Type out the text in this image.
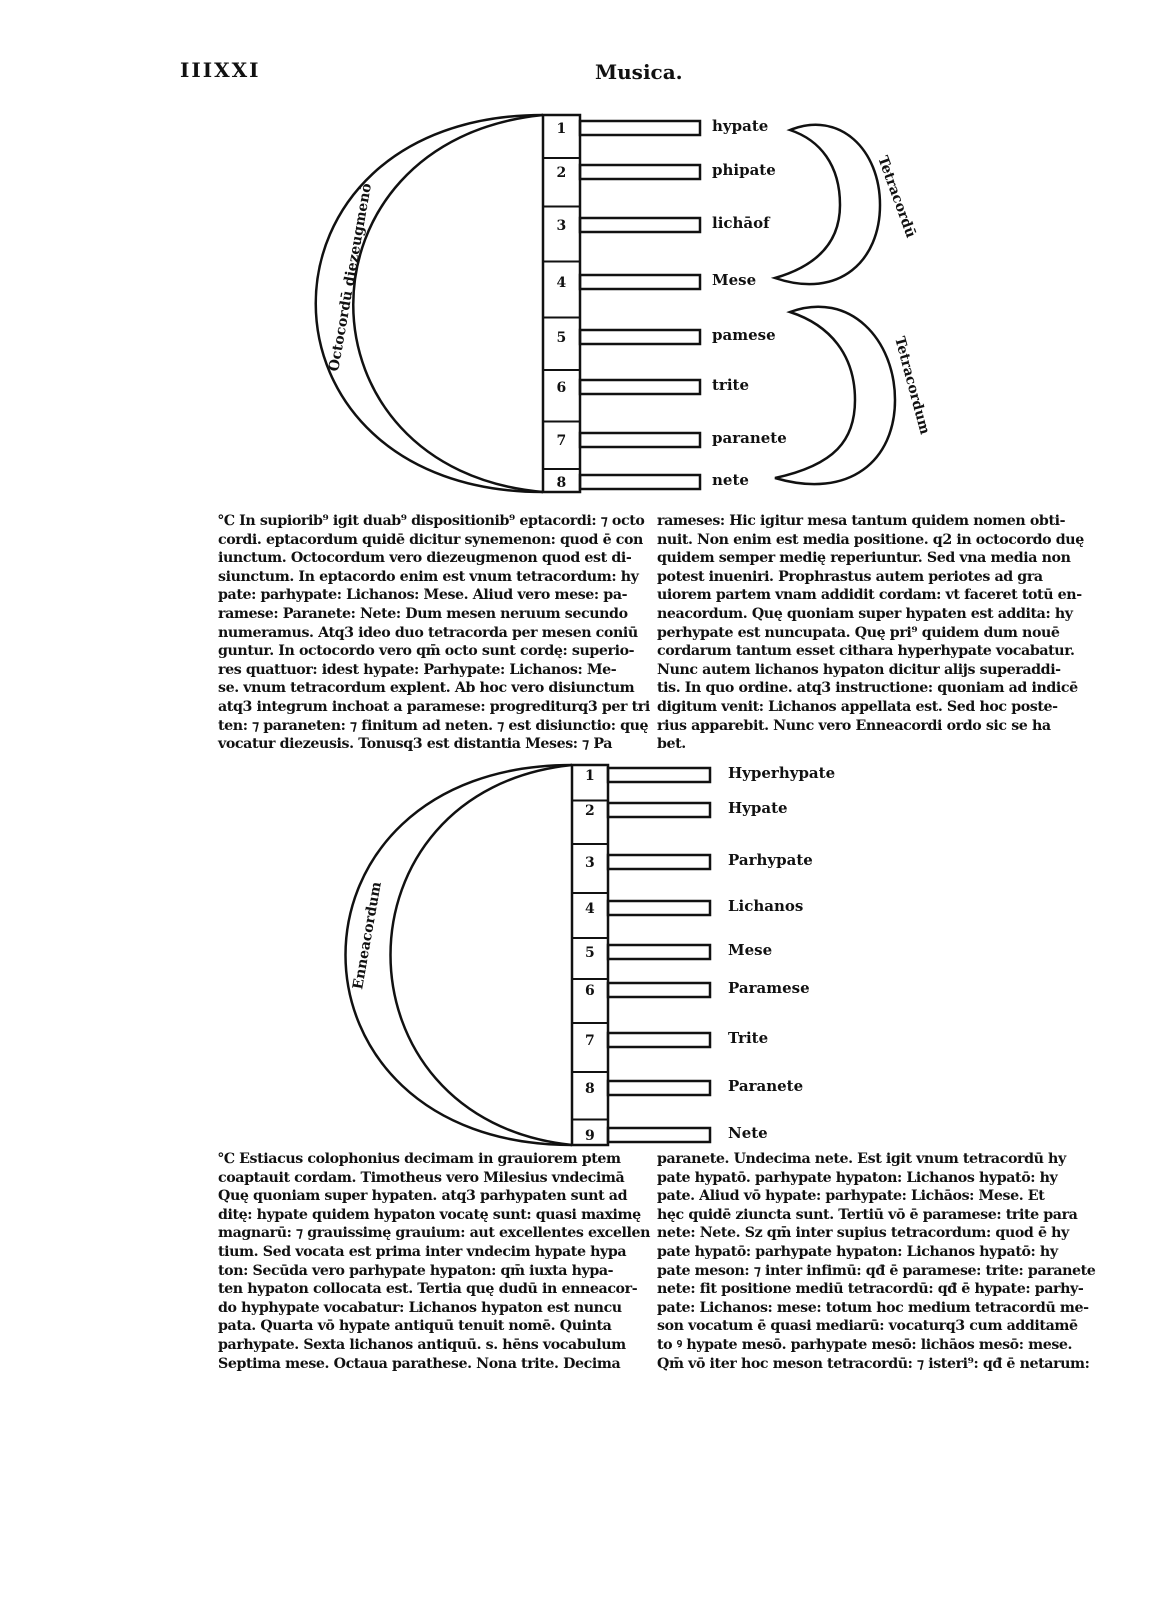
IIIXXI	Musica.
1
2
3
4
5
6
7
8
Octocordū diezeugmenō	Tetracordū
Tetracordum
1
2
3
4
5
6
7
8
9
Enneacordum
hypate
phipate
lichāof
Mese
pamese
trite
paranete
nete
Hyperhypate
Hypate
Parhypate
Lichanos
Mese
Paramese
Trite
Paranete
Nete
℃ In supiorib⁹ igit duab⁹ dispositionib⁹ eptacordi: ⁊ octo
cordi. eptacordum quidē dicitur synemenon: quod ē con
iunctum. Octocordum vero diezeugmenon quod est di-
siunctum. In eptacordo enim est vnum tetracordum: hy
pate: parhypate: Lichanos: Mese. Aliud vero mese: pa-
ramese: Paranete: Nete: Dum mesen neruum secundo
numeramus. Atq3 ideo duo tetracorda per mesen coniū
guntur. In octocordo vero qm̄ octo sunt cordę: superio-
res quattuor: idest hypate: Parhypate: Lichanos: Me-
se. vnum tetracordum explent. Ab hoc vero disiunctum
atq3 integrum inchoat a paramese: progrediturq3 per tri
ten: ⁊ paraneten: ⁊ finitum ad neten. ⁊ est disiunctio: quę
vocatur diezeusis. Tonusq3 est distantia Meses: ⁊ Pa
rameses: Hic igitur mesa tantum quidem nomen obti-
nuit. Non enim est media positione. q2 in octocordo duę
quidem semper medię reperiuntur. Sed vna media non
potest inueniri. Prophrastus autem periotes ad gra
uiorem partem vnam addidit cordam: vt faceret totū en-
neacordum. Quę quoniam super hypaten est addita: hy
perhypate est nuncupata. Quę pri⁹ quidem dum nouē
cordarum tantum esset cithara hyperhypate vocabatur.
Nunc autem lichanos hypaton dicitur alijs superaddi-
tis. In quo ordine. atq3 instructione: quoniam ad indicē
digitum venit: Lichanos appellata est. Sed hoc poste-
rius apparebit. Nunc vero Enneacordi ordo sic se ha
bet.
℃ Estiacus colophonius decimam in grauiorem ptem
coaptauit cordam. Timotheus vero Milesius vndecimā
Quę quoniam super hypaten. atq3 parhypaten sunt ad
ditę: hypate quidem hypaton vocatę sunt: quasi maximę
magnarū: ⁊ grauissimę grauium: aut excellentes excellen
tium. Sed vocata est prima inter vndecim hypate hypa
ton: Secūda vero parhypate hypaton: qm̄ iuxta hypa-
ten hypaton collocata est. Tertia quę dudū in enneacor-
do hyphypate vocabatur: Lichanos hypaton est nuncu
pata. Quarta vō hypate antiquū tenuit nomē. Quinta
parhypate. Sexta lichanos antiquū. s. hēns vocabulum
Septima mese. Octaua parathese. Nona trite. Decima
paranete. Undecima nete. Est igit vnum tetracordū hy
pate hypatō. parhypate hypaton: Lichanos hypatō: hy
pate. Aliud vō hypate: parhypate: Lichāos: Mese. Et
hęc quidē ziuncta sunt. Tertiū vō ē paramese: trite para
nete: Nete. Sz qm̄ inter supius tetracordum: quod ē hy
pate hypatō: parhypate hypaton: Lichanos hypatō: hy
pate meson: ⁊ inter infimū: qđ ē paramese: trite: paranete
nete: fit positione mediū tetracordū: qđ ē hypate: parhy-
pate: Lichanos: mese: totum hoc medium tetracordū me-
son vocatum ē quasi mediarū: vocaturq3 cum additamē
to ꝰ hypate mesō. parhypate mesō: lichāos mesō: mese.
Qm̄ vō iter hoc meson tetracordū: ⁊ isteri⁹: qđ ē netarum:
